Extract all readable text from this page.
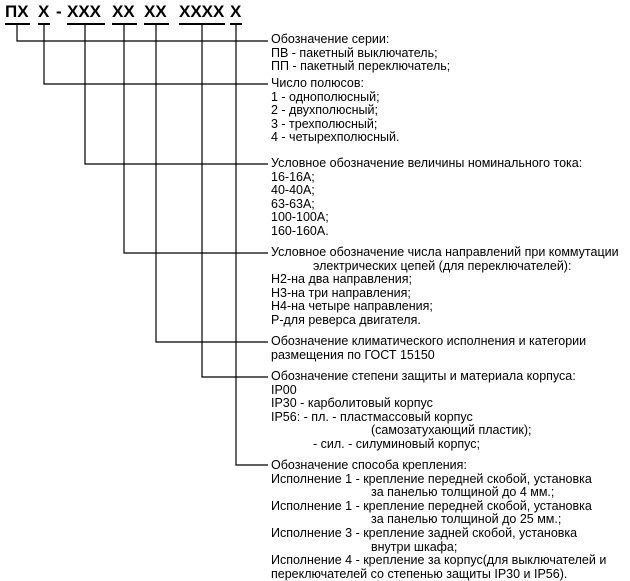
ПХ Х - ХХХ ХХ ХХ ХХХХ Х
Обозначение серии:
ПВ - пакетный выключатель;
ПП - пакетный переключатель;
Число полюсов:
1 - однополюсный;
2 - двухполюсный;
3 - трехполюсный;
4 - четырехполюсный.
Условное обозначение величины номинального тока:
16-16А;
40-40А;
63-63А;
100-100А;
160-160А.
Условное обозначение числа направлений при коммутации
электрических цепей (для переключателей):
Н2-на два направления;
Н3-на три направления;
Н4-на четыре направления;
Р-для реверса двигателя.
Обозначение климатического исполнения и категории
размещения по ГОСТ 15150
Обозначение степени защиты и материала корпуса:
IP00
IP30 - карболитовый корпус
IP56: - пл. - пластмассовый корпус
(самозатухающий пластик);
- сил. - силуминовый корпус;
Обозначение способа крепления:
Исполнение 1 - крепление передней скобой, установка
за панелью толщиной до 4 мм.;
Исполнение 1 - крепление передней скобой, установка
за панелью толщиной до 25 мм.;
Исполнение 3 - крепление задней скобой, установка
внутри шкафа;
Исполнение 4 - крепление за корпус(для выключателей и
переключателей со степенью защиты IP30 и IP56).
